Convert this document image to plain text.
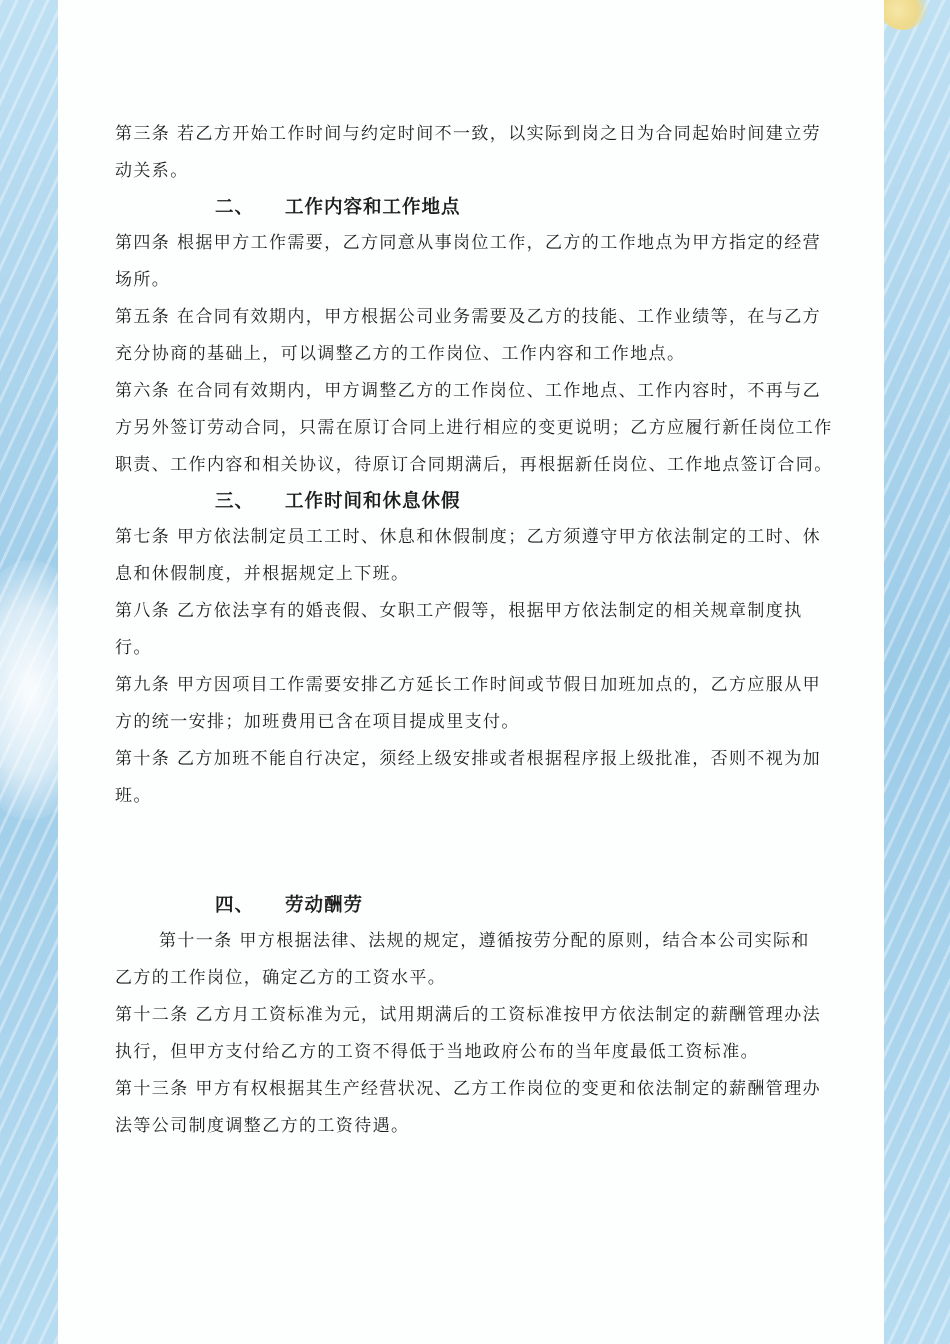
第三条 若乙方开始工作时间与约定时间不一致，以实际到岗之日为合同起始时间建立劳动关系。

二、 工作内容和工作地点

第四条 根据甲方工作需要，乙方同意从事岗位工作，乙方的工作地点为甲方指定的经营场所。

第五条 在合同有效期内，甲方根据公司业务需要及乙方的技能、工作业绩等，在与乙方充分协商的基础上，可以调整乙方的工作岗位、工作内容和工作地点。

第六条 在合同有效期内，甲方调整乙方的工作岗位、工作地点、工作内容时，不再与乙方另外签订劳动合同，只需在原订合同上进行相应的变更说明；乙方应履行新任岗位工作职责、工作内容和相关协议，待原订合同期满后，再根据新任岗位、工作地点签订合同。

三、 工作时间和休息休假

第七条 甲方依法制定员工工时、休息和休假制度；乙方须遵守甲方依法制定的工时、休息和休假制度，并根据规定上下班。

第八条 乙方依法享有的婚丧假、女职工产假等，根据甲方依法制定的相关规章制度执行。

第九条 甲方因项目工作需要安排乙方延长工作时间或节假日加班加点的，乙方应服从甲方的统一安排；加班费用已含在项目提成里支付。

第十条 乙方加班不能自行决定，须经上级安排或者根据程序报上级批准，否则不视为加班。

四、 劳动酬劳

第十一条 甲方根据法律、法规的规定，遵循按劳分配的原则，结合本公司实际和

乙方的工作岗位，确定乙方的工资水平。

第十二条 乙方月工资标准为元，试用期满后的工资标准按甲方依法制定的薪酬管理办法执行，但甲方支付给乙方的工资不得低于当地政府公布的当年度最低工资标准。

第十三条 甲方有权根据其生产经营状况、乙方工作岗位的变更和依法制定的薪酬管理办法等公司制度调整乙方的工资待遇。
